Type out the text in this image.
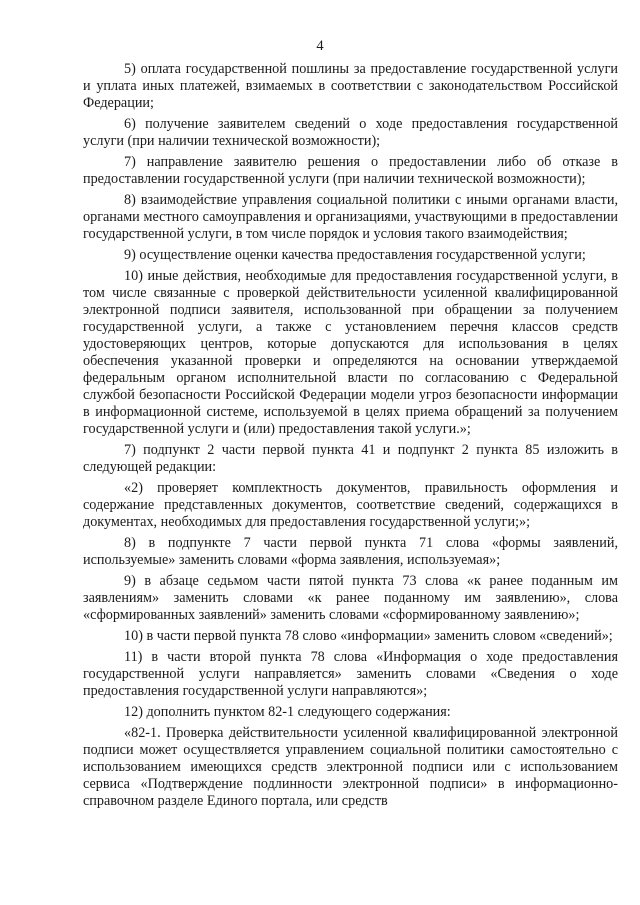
4

5) оплата государственной пошлины за предоставление государственной услуги и уплата иных платежей, взимаемых в соответствии с законодательством Российской Федерации;

6) получение заявителем сведений о ходе предоставления государственной услуги (при наличии технической возможности);

7) направление заявителю решения о предоставлении либо об отказе в предоставлении государственной услуги (при наличии технической возможности);

8) взаимодействие управления социальной политики с иными органами власти, органами местного самоуправления и организациями, участвующими в предоставлении государственной услуги, в том числе порядок и условия такого взаимодействия;

9) осуществление оценки качества предоставления государственной услуги;

10) иные действия, необходимые для предоставления государственной услуги, в том числе связанные с проверкой действительности усиленной квалифицированной электронной подписи заявителя, использованной при обращении за получением государственной услуги, а также с установлением перечня классов средств удостоверяющих центров, которые допускаются для использования в целях обеспечения указанной проверки и определяются на основании утверждаемой федеральным органом исполнительной власти по согласованию с Федеральной службой безопасности Российской Федерации модели угроз безопасности информации в информационной системе, используемой в целях приема обращений за получением государственной услуги и (или) предоставления такой услуги.»;

7) подпункт 2 части первой пункта 41 и подпункт 2 пункта 85 изложить в следующей редакции:

«2) проверяет комплектность документов, правильность оформления и содержание представленных документов, соответствие сведений, содержащихся в документах, необходимых для предоставления государственной услуги;»;

8) в подпункте 7 части первой пункта 71 слова «формы заявлений, используемые» заменить словами «форма заявления, используемая»;

9) в абзаце седьмом части пятой пункта 73 слова «к ранее поданным им заявлениям» заменить словами «к ранее поданному им заявлению», слова «сформированных заявлений» заменить словами «сформированному заявлению»;

10) в части первой пункта 78 слово «информации» заменить словом «сведений»;

11) в части второй пункта 78 слова «Информация о ходе предоставления государственной услуги направляется» заменить словами «Сведения о ходе предоставления государственной услуги направляются»;

12) дополнить пунктом 82-1 следующего содержания:

«82-1. Проверка действительности усиленной квалифицированной электронной подписи может осуществляется управлением социальной политики самостоятельно с использованием имеющихся средств электронной подписи или с использованием сервиса «Подтверждение подлинности электронной подписи» в информационно-справочном разделе Единого портала, или средств
